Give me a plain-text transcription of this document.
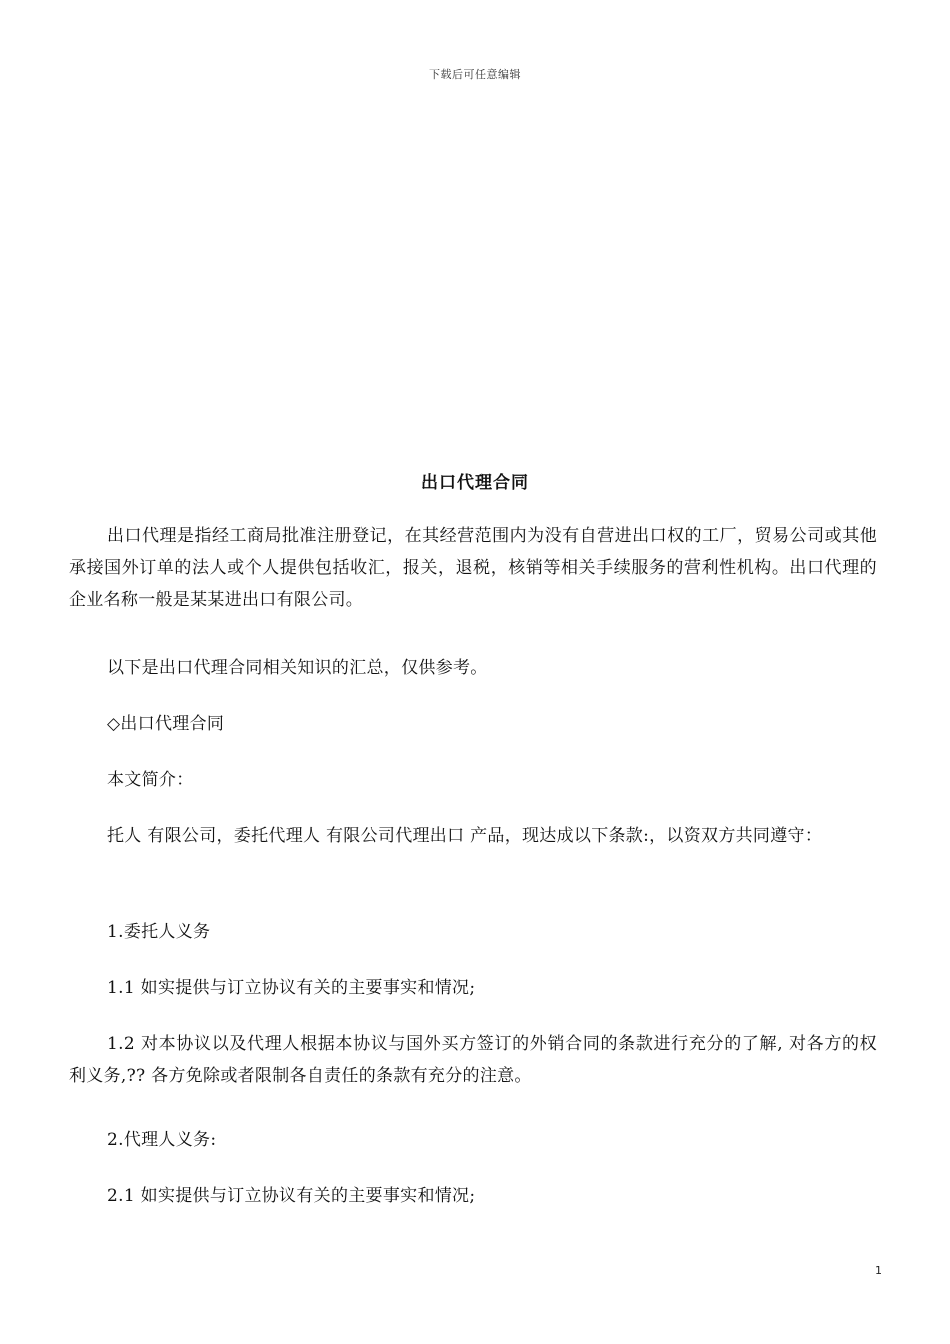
下载后可任意编辑
出口代理合同

出口代理是指经工商局批准注册登记，在其经营范围内为没有自营进出口权的工厂，贸易公司或其他承接国外订单的法人或个人提供包括收汇，报关，退税，核销等相关手续服务的营利性机构。出口代理的企业名称一般是某某进出口有限公司。

以下是出口代理合同相关知识的汇总，仅供参考。

◇出口代理合同

本文简介：

托人 有限公司，委托代理人 有限公司代理出口 产品，现达成以下条款:，以资双方共同遵守：

1.委托人义务

1.1 如实提供与订立协议有关的主要事实和情况;

1.2 对本协议以及代理人根据本协议与国外买方签订的外销合同的条款进行充分的了解, 对各方的权利义务,?? 各方免除或者限制各自责任的条款有充分的注意。

2.代理人义务:

2.1 如实提供与订立协议有关的主要事实和情况;

1
